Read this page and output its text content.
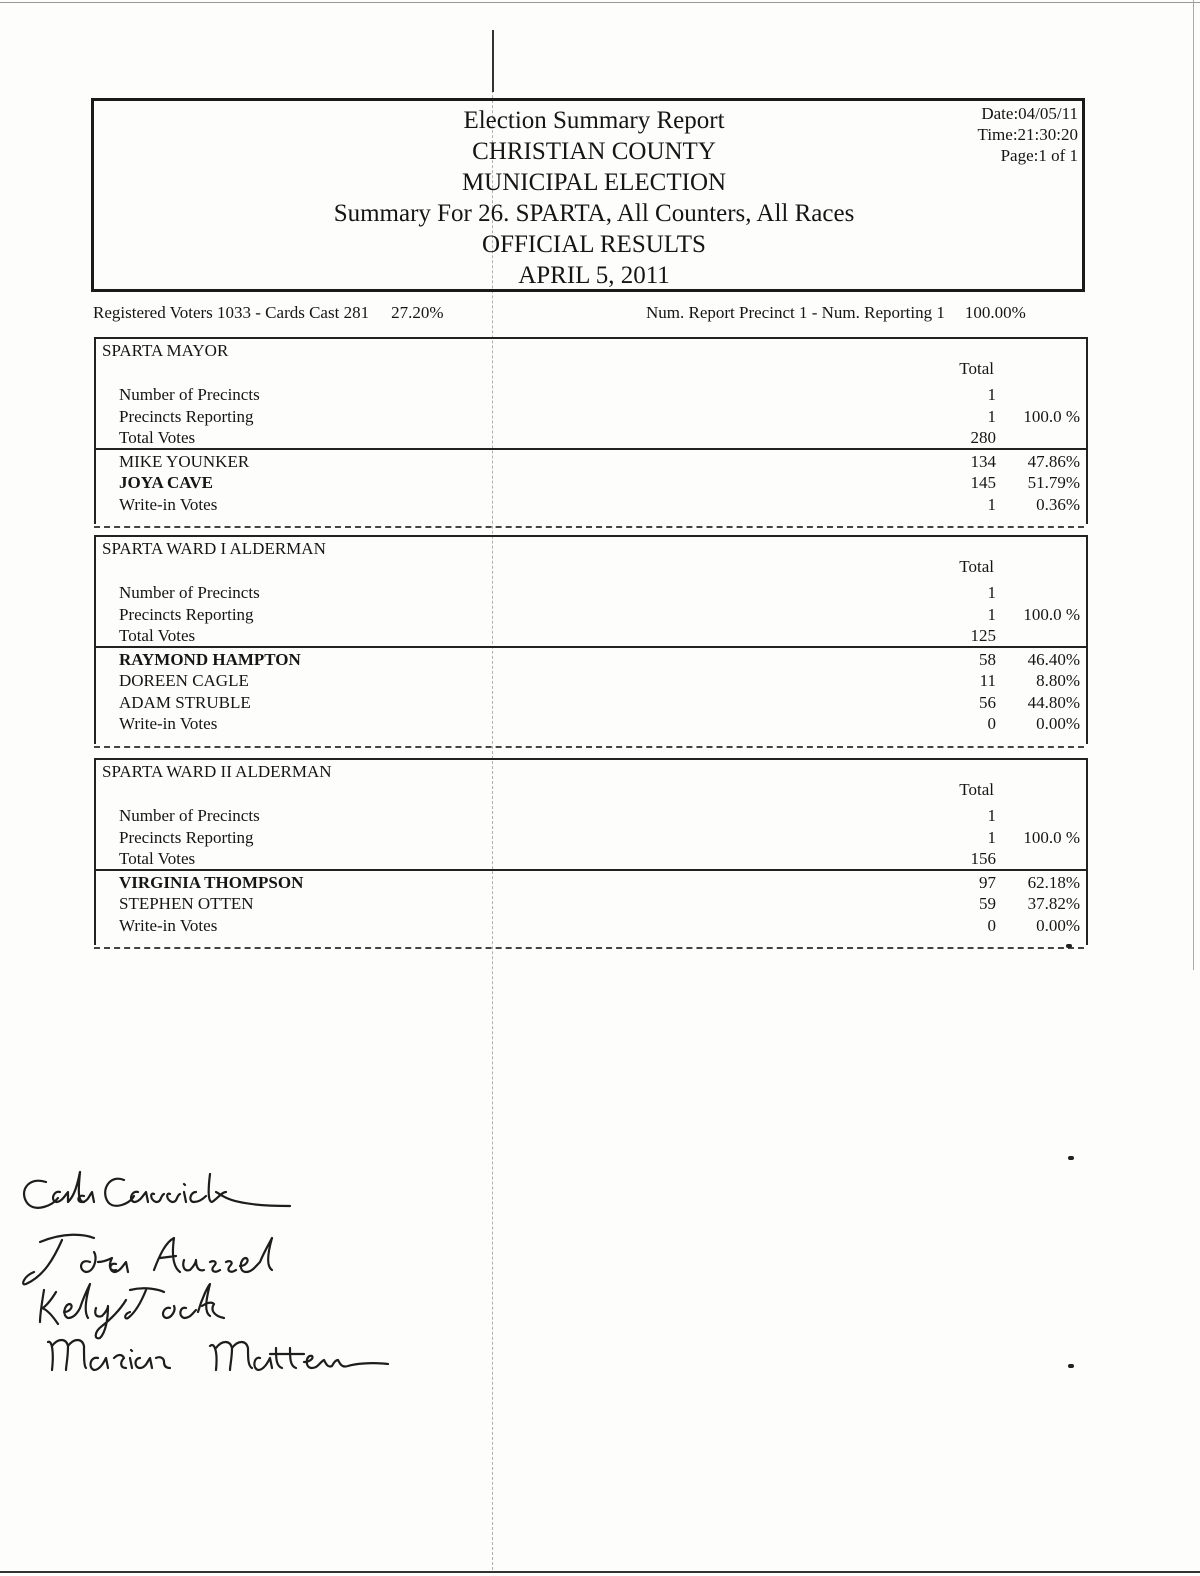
Election Summary Report
CHRISTIAN COUNTY
MUNICIPAL ELECTION
Summary For 26. SPARTA, All Counters, All Races
OFFICIAL RESULTS
APRIL 5, 2011
Date:04/05/11
Time:21:30:20
Page:1 of 1
Registered Voters 1033 - Cards Cast 281 27.20%	Num. Report Precinct 1 - Num. Reporting 1 100.00%
SPARTA MAYOR
Total
Number of Precincts	1
Precincts Reporting	1	100.0 %
Total Votes	280
MIKE YOUNKER	134	47.86%
JOYA CAVE	145	51.79%
Write-in Votes	1	0.36%
SPARTA WARD I ALDERMAN
Total
Number of Precincts	1
Precincts Reporting	1	100.0 %
Total Votes	125
RAYMOND HAMPTON	58	46.40%
DOREEN CAGLE	11	8.80%
ADAM STRUBLE	56	44.80%
Write-in Votes	0	0.00%
SPARTA WARD II ALDERMAN
Total
Number of Precincts	1
Precincts Reporting	1	100.0 %
Total Votes	156
VIRGINIA THOMPSON	97	62.18%
STEPHEN OTTEN	59	37.82%
Write-in Votes	0	0.00%
